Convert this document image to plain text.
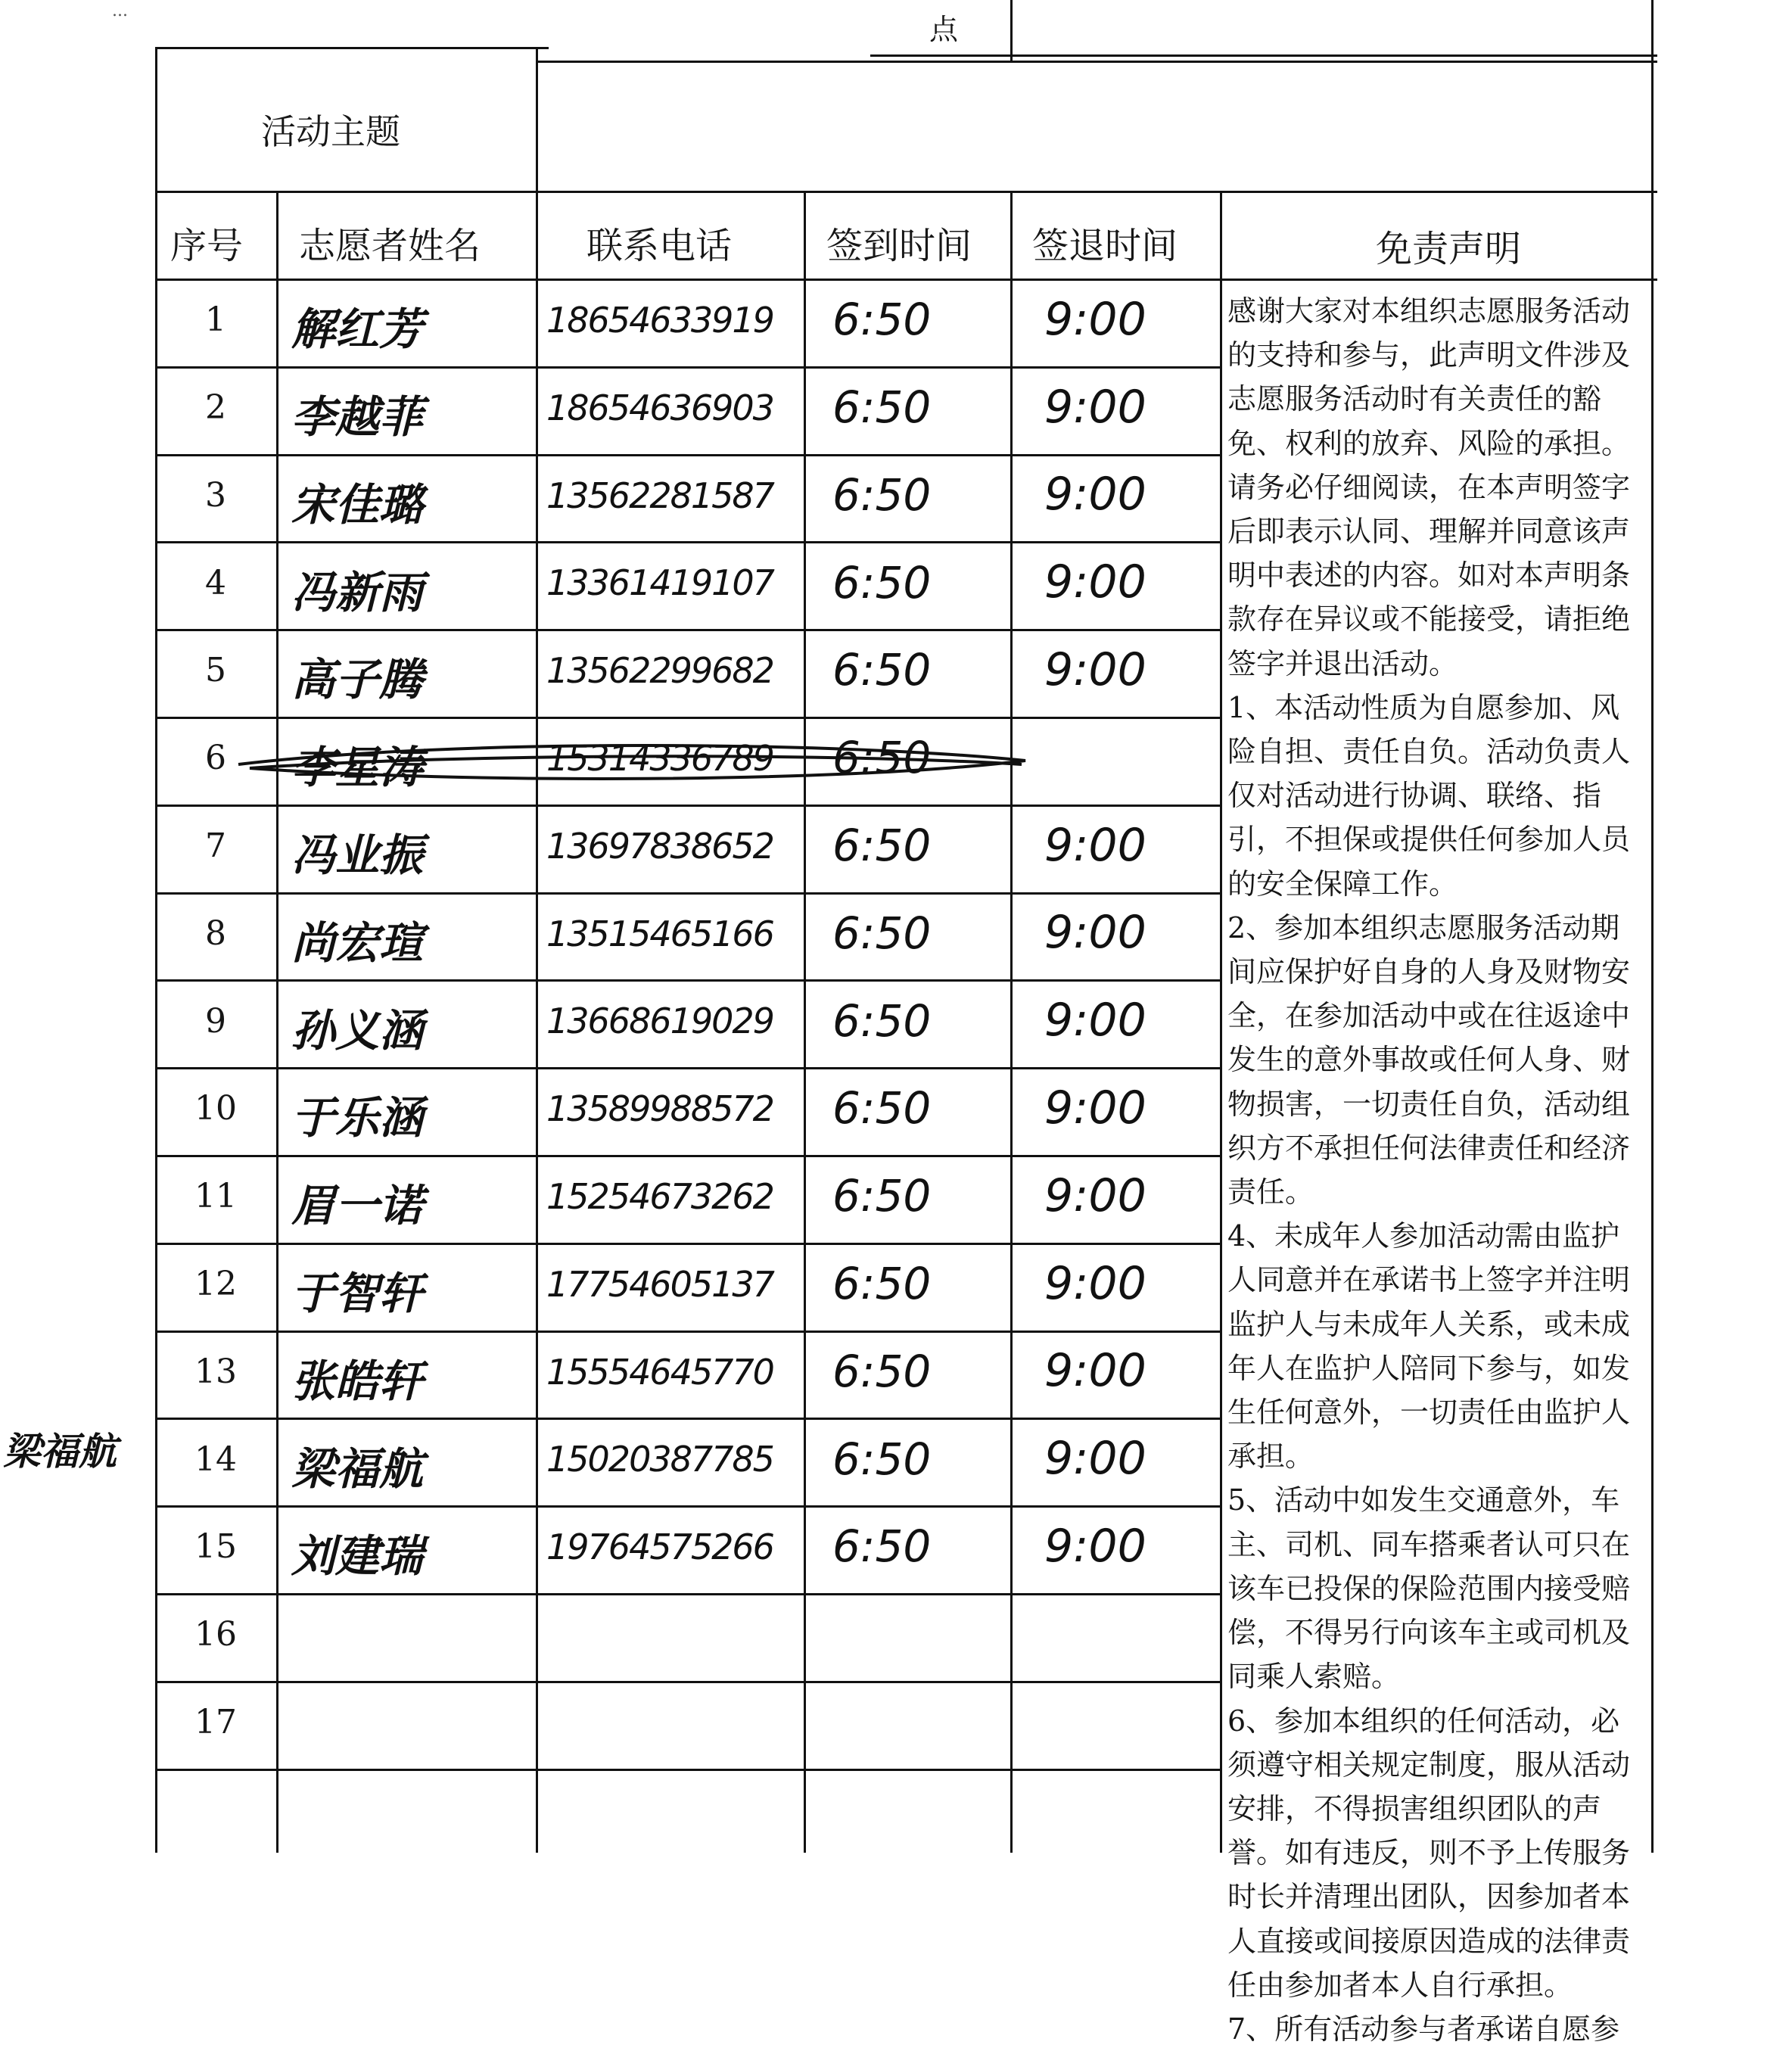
...
点
活动主题
序号 志愿者姓名	联系电话	签到时间 签退时间	免责声明
1	解红芳	18654633919 6:50 9:00
2	李越菲	18654636903 6:50 9:00
3	宋佳璐	13562281587 6:50 9:00
4	冯新雨	13361419107 6:50 9:00
5	高子腾	13562299682 6:50 9:00
6	李星涛	15314336789 6:50
7	冯业振	13697838652 6:50 9:00
8	尚宏瑄	13515465166 6:50 9:00
9	孙义涵	13668619029 6:50 9:00
10	于乐涵	13589988572 6:50 9:00
11	眉一诺	15254673262 6:50 9:00
12	于智轩	17754605137 6:50 9:00
13	张皓轩	15554645770 6:50 9:00
14	梁福航	15020387785 6:50 9:00
15	刘建瑞	19764575266 6:50 9:00
16
17
梁福航

感谢大家对本组织志愿服务活动的支持和参与，此声明文件涉及志愿服务活动时有关责任的豁免、权利的放弃、风险的承担。请务必仔细阅读，在本声明签字后即表示认同、理解并同意该声明中表述的内容。如对本声明条款存在异议或不能接受，请拒绝签字并退出活动。

1、本活动性质为自愿参加、风险自担、责任自负。活动负责人仅对活动进行协调、联络、指引，不担保或提供任何参加人员的安全保障工作。

2、参加本组织志愿服务活动期间应保护好自身的人身及财物安全，在参加活动中或在往返途中发生的意外事故或任何人身、财物损害，一切责任自负，活动组织方不承担任何法律责任和经济责任。

4、未成年人参加活动需由监护人同意并在承诺书上签字并注明监护人与未成年人关系，或未成年人在监护人陪同下参与，如发生任何意外，一切责任由监护人承担。

5、活动中如发生交通意外，车主、司机、同车搭乘者认可只在该车已投保的保险范围内接受赔偿，不得另行向该车主或司机及同乘人索赔。

6、参加本组织的任何活动，必须遵守相关规定制度，服从活动安排，不得损害组织团队的声誉。如有违反，则不予上传服务时长并清理出团队，因参加者本人直接或间接原因造成的法律责任由参加者本人自行承担。

7、所有活动参与者承诺自愿参
